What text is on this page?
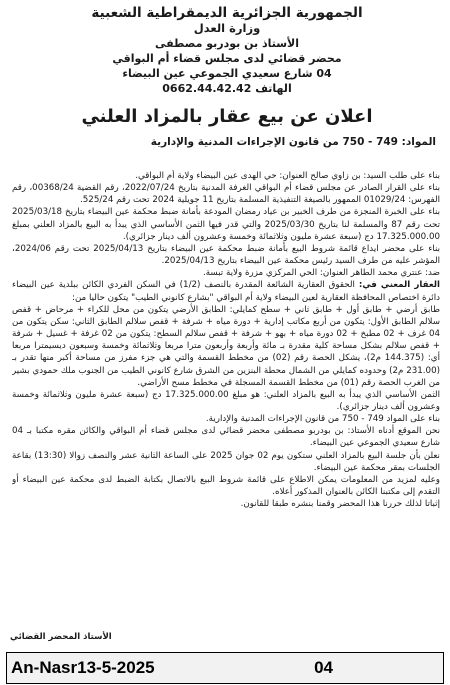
الجمهورية الجزائرية الديمقراطية الشعبية
وزارة العدل
الأستاذ بن بودربو مصطفى
محضر قضائي لدى مجلس قضاء أم البواقي
04 شارع سعيدي الجموعي عين البيضاء
الهاتف 0662.44.42.42
اعلان عن بيع عقار بالمزاد العلني
المواد: 749 - 750 من قانون الإجراءات المدنية والإدارية

بناء على طلب السيد: بن زاوي صالح العنوان: حي الهدى عين البيضاء ولاية أم البواقي.

بناء على القرار الصادر عن مجلس قضاء أم البواقي الغرفة المدنية بتاريخ 2022/07/24، رقم القضية 00368/24، رقم الفهرس: 01029/24 الممهور بالصيغة التنفيذية المسلمة بتاريخ 11 جويلية 2024 تحت رقم 525/24.

بناء على الخبرة المنجزة من طرف الخبير بن عياد رمضان المودعة بأمانة ضبط محكمة عين البيضاء بتاريخ 2025/03/18 تحت رقم 87 والمسلمة لنا بتاريخ 2025/03/30 والتي قدر فيها الثمن الأساسي الذي يبدأ به البيع بالمزاد العلني بمبلغ 17.325.000.00 دج (سبعة عشرة مليون وثلاثمائة وخمسة وعشرون ألف دينار جزائري).

بناء على محضر ايداع قائمة شروط البيع بأمانة ضبط محكمة عين البيضاء بتاريخ 2025/04/13 تحت رقم 2024/06، المؤشر عليه من طرف السيد رئيس محكمة عين البيضاء بتاريخ 2025/04/13.

ضد: عنتري محمد الطاهر العنوان: الحي المركزي مزرة ولاية تبسة.

العقار المعني في: الحقوق العقارية الشائعة المقدرة بالنصف (1/2) في السكن الفردي الكائن ببلدية عين البيضاء دائرة اختصاص المحافظة العقارية لعين البيضاء ولاية أم البواقي "بشارع كانوني الطيب" يتكون حاليا من:

طابق أرضي + طابق أول + طابق ثاني + سطح كمايلي: الطابق الأرضي يتكون من محل للكراء + مرحاض + قفص سلالم الطابق الأول: يتكون من أربع مكاتب إدارية + دورة مياه + شرفة + قفص سلالم الطابق الثاني: سكن يتكون من 04 غرف + 02 مطبخ + 02 دورة مياه + بهو + شرفة + قفص سلالم السطح: يتكون من 02 غرفة + غسيل + شرفة + قفص سلالم بشكل مساحة كلية مقدرة بـ مائة وأربعة وأربعون مترا مربعا وثلاثمائة وخمسة وسبعون ديسيمترا مربعا أي: (144.375 م2)، يشكل الحصة رقم (02) من مخطط القسمة والتي هي جزء مفرز من مساحة أكبر منها تقدر بـ (231.00 م2) وحدوده كمايلي من الشمال محطة البنزين من الشرق شارع كانوني الطيب من الجنوب ملك حمودي بشير من الغرب الحصة رقم (01) من مخطط القسمة المسجلة في مخطط مسح الأراضي.

الثمن الأساسي الذي يبدأ به البيع بالمزاد العلني: هو مبلغ 17.325.000.00 دج (سبعة عشرة مليون وثلاثمائة وخمسة وعشرون ألف دينار جزائري).

بناء على المواد 749 - 750 من قانون الإجراءات المدنية والإدارية.

نحن الموقع أدناه الأستاذ: بن بودربو مصطفى محضر قضائي لدى مجلس قضاء أم البواقي والكائن مقره مكتبا بـ 04 شارع سعيدي الجموعي عين البيضاء.

نعلن بأن جلسة البيع بالمزاد العلني ستكون يوم 02 جوان 2025 على الساعة الثانية عشر والنصف زوالا (13:30) بقاعة الجلسات بمقر محكمة عين البيضاء.

وعليه لمزيد من المعلومات يمكن الاطلاع على قائمة شروط البيع بالاتصال بكتابة الضبط لدى محكمة عين البيضاء أو التقدم إلى مكتبنا الكائن بالعنوان المذكور أعلاه.

إثباتا لذلك حررنا هذا المحضر وقمنا بنشره طبقا للقانون.

الأستاذ المحضر القضائي
An-Nasr13-5-2025	04
